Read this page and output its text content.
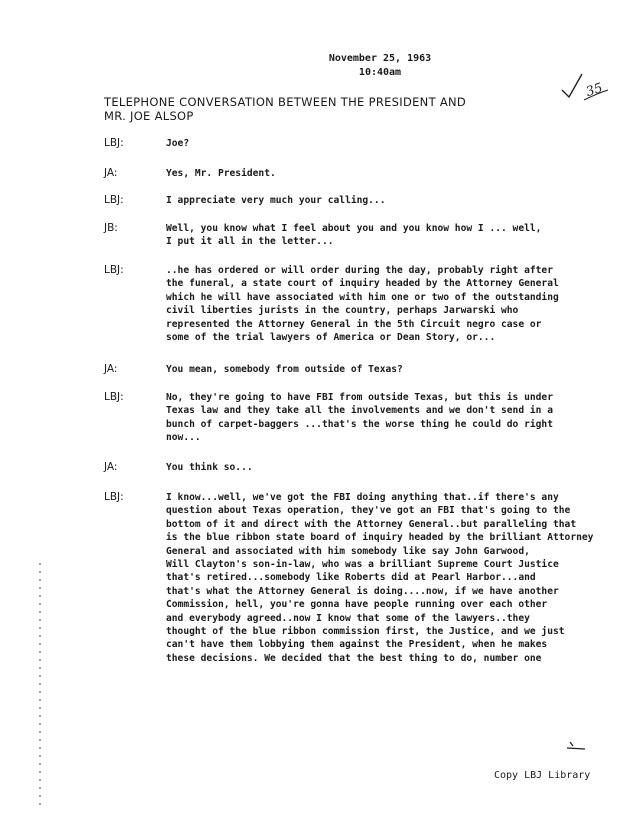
November 25, 1963
10:40am
35
TELEPHONE CONVERSATION BETWEEN THE PRESIDENT AND
MR. JOE ALSOP
LBJ:	Joe?
JA:	Yes, Mr. President.
LBJ:	I appreciate very much your calling...
JB:	Well, you know what I feel about you and you know how I ... well,
I put it all in the letter...
LBJ:	..he has ordered or will order during the day, probably right after
the funeral, a state court of inquiry headed by the Attorney General
which he will have associated with him one or two of the outstanding
civil liberties jurists in the country, perhaps Jarwarski who
represented the Attorney General in the 5th Circuit negro case or
some of the trial lawyers of America or Dean Story, or...
JA:	You mean, somebody from outside of Texas?
LBJ:	No, they're going to have FBI from outside Texas, but this is under
Texas law and they take all the involvements and we don't send in a
bunch of carpet-baggers ...that's the worse thing he could do right
now...
JA:	You think so...
LBJ:	I know...well, we've got the FBI doing anything that..if there's any
question about Texas operation, they've got an FBI that's going to the
bottom of it and direct with the Attorney General..but paralleling that
is the blue ribbon state board of inquiry headed by the brilliant Attorney
General and associated with him somebody like say John Garwood,
Will Clayton's son-in-law, who was a brilliant Supreme Court Justice
that's retired...somebody like Roberts did at Pearl Harbor...and
that's what the Attorney General is doing....now, if we have another
Commission, hell, you're gonna have people running over each other
and everybody agreed..now I know that some of the lawyers..they
thought of the blue ribbon commission first, the Justice, and we just
can't have them lobbying them against the President, when he makes
these decisions. We decided that the best thing to do, number one
Copy LBJ Library
